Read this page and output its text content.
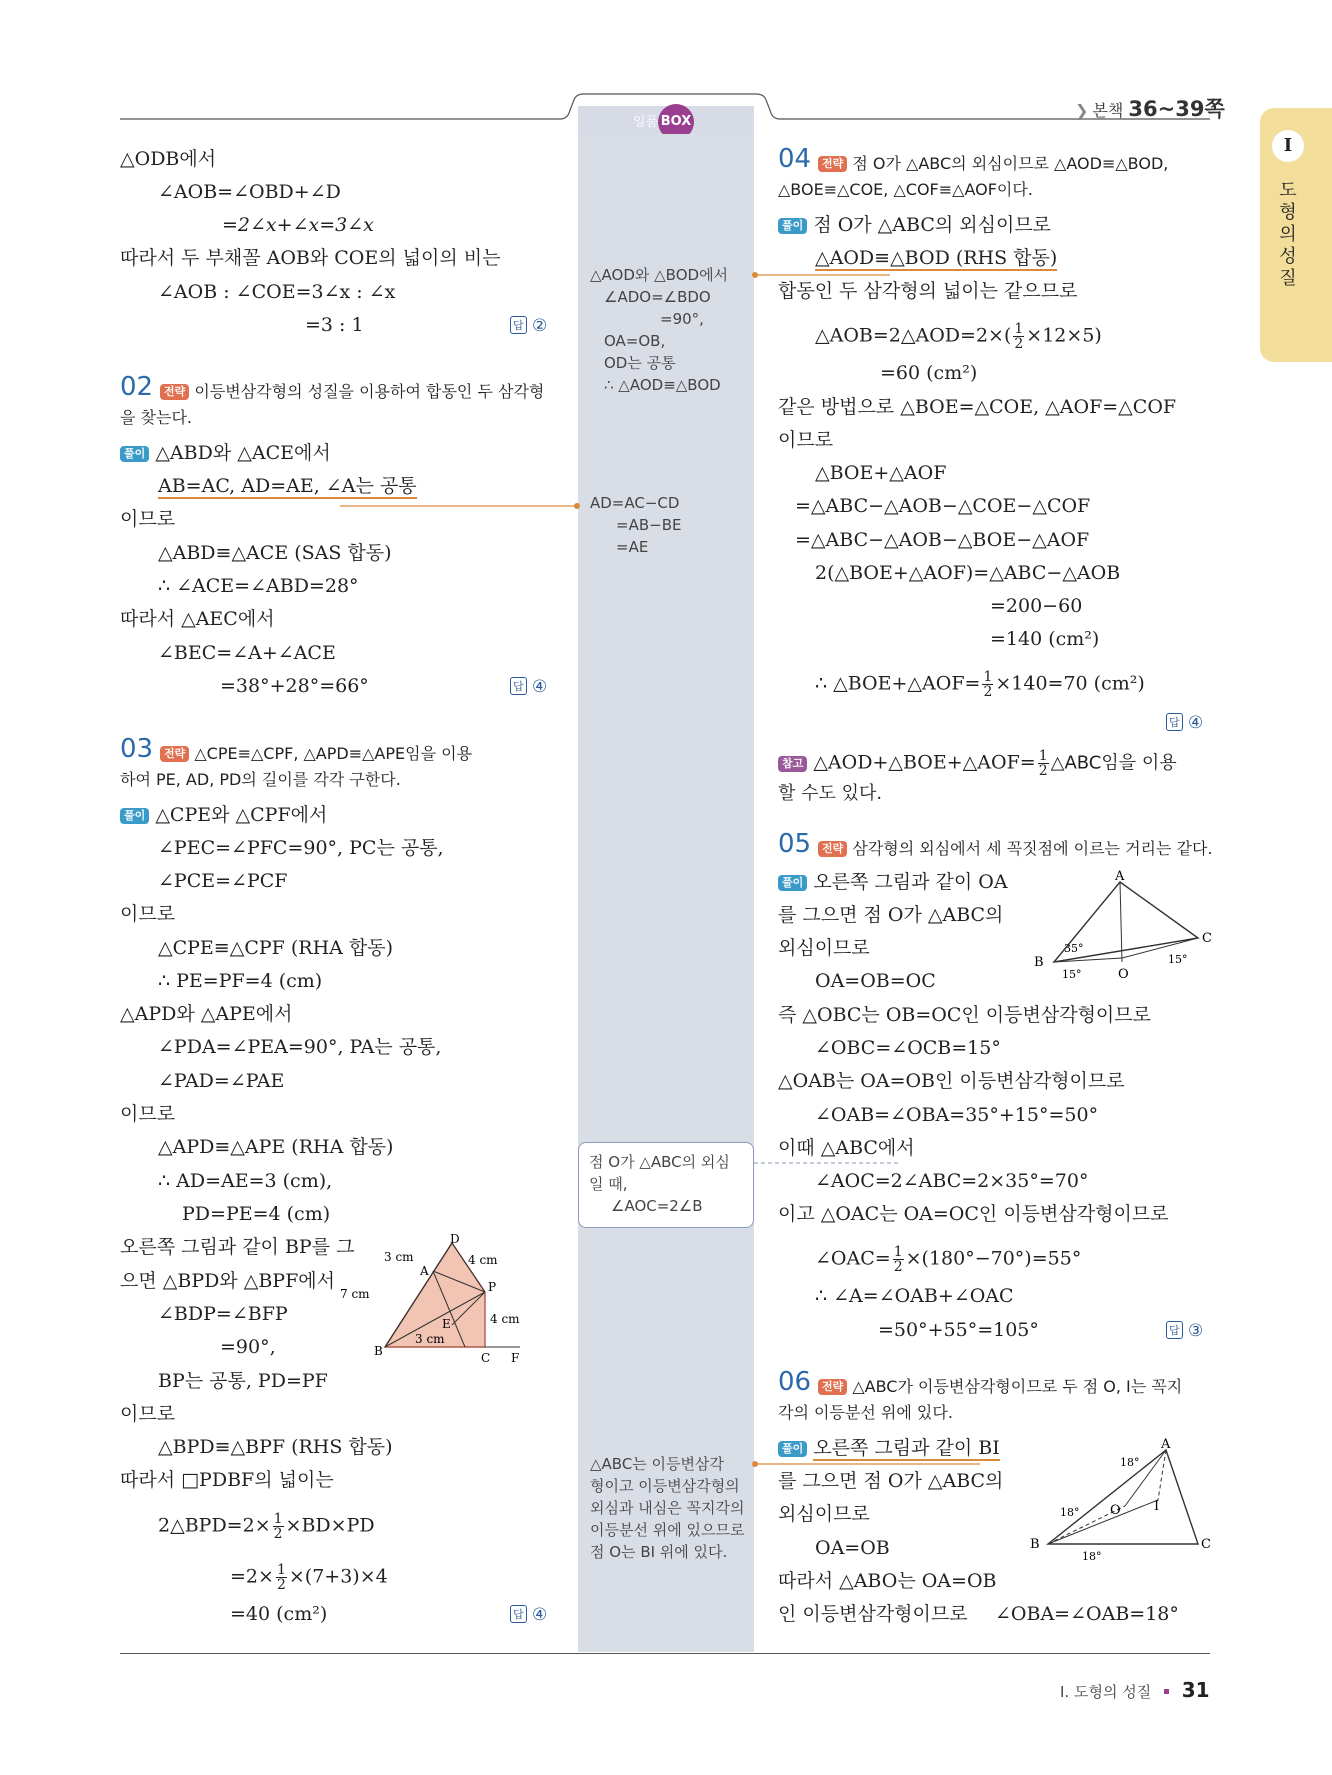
일품 BOX
❯ 본책 36~39쪽
I
도형의 성질
△ODB에서
∠AOB=∠OBD+∠D
=2∠x+∠x=3∠x
따라서 두 부채꼴 AOB와 COE의 넓이의 비는
∠AOB : ∠COE=3∠x : ∠x
=3 : 1	답 ②
02 전략 이등변삼각형의 성질을 이용하여 합동인 두 삼각형
을 찾는다.
풀이 △ABD와 △ACE에서
AB=AC, AD=AE, ∠A는 공통
이므로
△ABD≡△ACE (SAS 합동)
∴ ∠ACE=∠ABD=28°
따라서 △AEC에서
∠BEC=∠A+∠ACE
=38°+28°=66°	답 ④
03 전략 △CPE≡△CPF, △APD≡△APE임을 이용
하여 PE, AD, PD의 길이를 각각 구한다.
풀이 △CPE와 △CPF에서
∠PEC=∠PFC=90°, PC는 공통,
∠PCE=∠PCF
이므로
△CPE≡△CPF (RHA 합동)
∴ PE=PF=4 (cm)
△APD와 △APE에서
∠PDA=∠PEA=90°, PA는 공통,
∠PAD=∠PAE
이므로
△APD≡△APE (RHA 합동)
∴ AD=AE=3 (cm),
PD=PE=4 (cm)
오른쪽 그림과 같이 BP를 그
으면 △BPD와 △BPF에서
∠BDP=∠BFP
=90°,
BP는 공통, PD=PF
이므로
△BPD≡△BPF (RHS 합동)
따라서 □PDBF의 넓이는
2△BPD=2× $\frac{1}{2} \times BD\times PD$
$=2\times \frac{1}{2} \times(7+3)\times 4$
=40 (cm²)	답 ④
3 cm
D
4 cm
A
P
7 cm
E	4 cm
B
3 cm
C F
△AOD와 △BOD에서
∠ADO=∠BDO
=90°,
OA=OB,
OD는 공통
∴ △AOD≡△BOD
AD=AC−CD
=AB−BE
=AE
점 O가 △ABC의 외심
일 때,
∠AOC=2∠B
△ABC는 이등변삼각
형이고 이등변삼각형의
외심과 내심은 꼭지각의
이등분선 위에 있으므로
점 O는 BI 위에 있다.
04 전략 점 O가 △ABC의 외심이므로 △AOD≡△BOD,
△BOE≡△COE, △COF≡△AOF이다.
풀이 점 O가 △ABC의 외심이므로
△AOD≡△BOD (RHS 합동)
합동인 두 삼각형의 넓이는 같으므로
△AOB=2△AOD=2×( $\frac{1}{2} \times 12\times 5$)
=60 (cm²)
같은 방법으로 △BOE=△COE, △AOF=△COF
이므로
△BOE+△AOF
=△ABC−△AOB−△COE−△COF
=△ABC−△AOB−△BOE−△AOF
2(△BOE+△AOF)=△ABC−△AOB
=200−60
=140 (cm²)
∴ △BOE+△AOF= $\frac{1}{2} \times 140=70$ (cm²)
답 ④
참고 △AOD+△BOE+△AOF= $\frac{1}{2}$ △ABC임을 이용
할 수도 있다.
05 전략 삼각형의 외심에서 세 꼭짓점에 이르는 거리는 같다.
풀이 오른쪽 그림과 같이 OA
를 그으면 점 O가 △ABC의
외심이므로
OA=OB=OC
즉 △OBC는 OB=OC인 이등변삼각형이므로
∠OBC=∠OCB=15°
△OAB는 OA=OB인 이등변삼각형이므로
∠OAB=∠OBA=35°+15°=50°
이때 △ABC에서
∠AOC=2∠ABC=2×35°=70°
이고 △OAC는 OA=OC인 이등변삼각형이므로
∠OAC= $\frac{1}{2} \times(180^\circ-70^\circ)=55^\circ$
∴ ∠A=∠OAB+∠OAC
=50°+55°=105°	답 ③
A
B
C
O
35°
15°
15°
06 전략 △ABC가 이등변삼각형이므로 두 점 O, I는 꼭지
각의 이등분선 위에 있다.
풀이 오른쪽 그림과 같이 BI
를 그으면 점 O가 △ABC의
외심이므로
OA=OB
따라서 △ABO는 OA=OB
인 이등변삼각형이므로 ∠OBA=∠OAB=18°
A
B	C
O	I
18°
18°
18°
I. 도형의 성질 31
